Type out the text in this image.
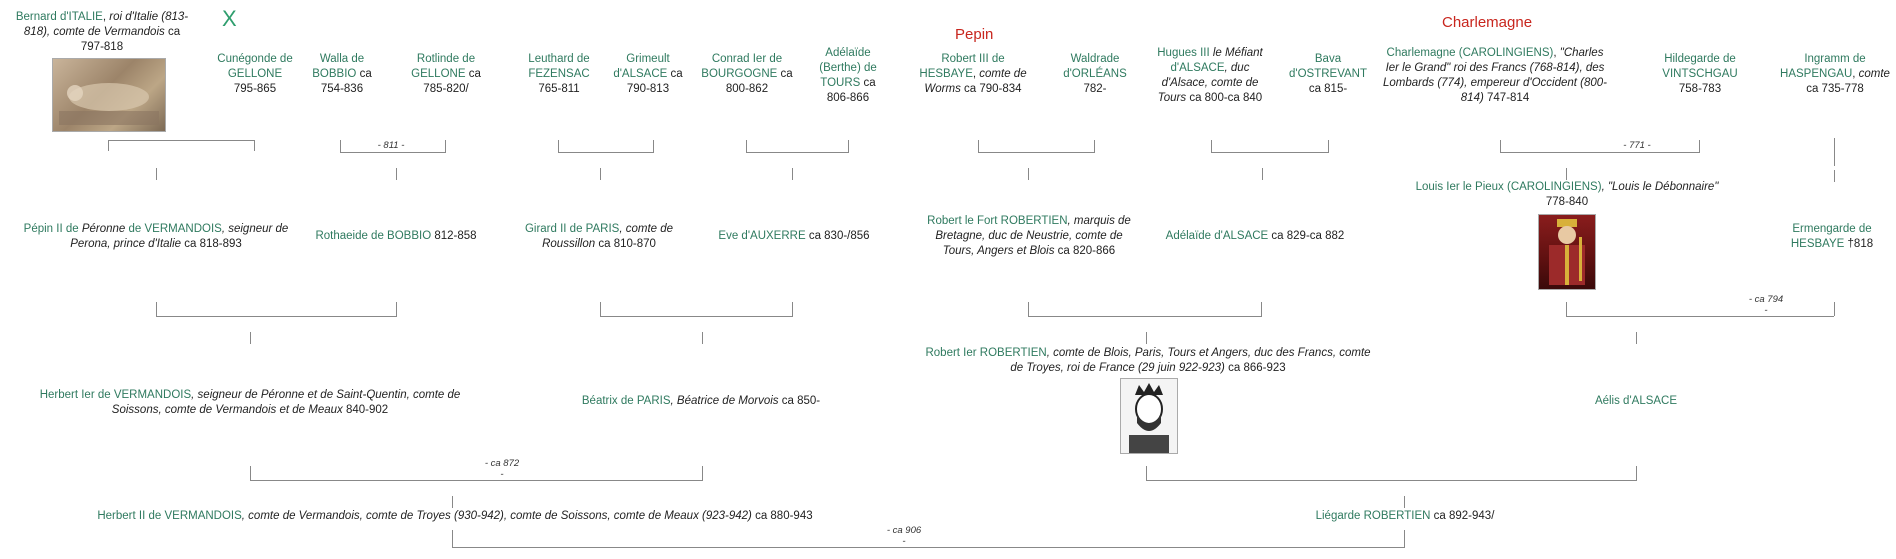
X
Pepin
Charlemagne
Bernard d'ITALIE, roi d'Italie (813-818), comte de Vermandois ca 797-818
Cunégonde de GELLONE
795-865
Walla de BOBBIO ca 754-836
Rotlinde de GELLONE ca 785-820/
Leuthard de FEZENSAC
765-811
Grimeult d'ALSACE ca 790-813
Conrad Ier de BOURGOGNE ca 800-862
Adélaïde (Berthe) de TOURS ca 806-866
Robert III de HESBAYE, comte de Worms ca 790-834
Waldrade d'ORLÉANS
782-
Hugues III le Méfiant d'ALSACE, duc d'Alsace, comte de Tours ca 800-ca 840
Bava d'OSTREVANT
ca 815-
Charlemagne (CAROLINGIENS), "Charles Ier le Grand" roi des Francs (768-814), des Lombards (774), empereur d'Occident (800-814) 747-814
Hildegarde de VINTSCHGAU
758-783
Ingramm de HASPENGAU, comte ca 735-778
- 811 -	- 771 -
Pépin II de Péronne de VERMANDOIS, seigneur de Perona, prince d'Italie ca 818-893
Rothaeide de BOBBIO 812-858
Girard II de PARIS, comte de Roussillon ca 810-870
Eve d'AUXERRE ca 830-/856
Robert le Fort ROBERTIEN, marquis de Bretagne, duc de Neustrie, comte de Tours, Angers et Blois ca 820-866
Adélaïde d'ALSACE ca 829-ca 882
Louis Ier le Pieux (CAROLINGIENS), "Louis le Débonnaire"
778-840
Ermengarde de HESBAYE †818
- ca 794 -
Herbert Ier de VERMANDOIS, seigneur de Péronne et de Saint-Quentin, comte de Soissons, comte de Vermandois et de Meaux 840-902
Béatrix de PARIS, Béatrice de Morvois ca 850-
Robert Ier ROBERTIEN, comte de Blois, Paris, Tours et Angers, duc des Francs, comte de Troyes, roi de France (29 juin 922-923) ca 866-923
Aélis d'ALSACE
- ca 872 -
Herbert II de VERMANDOIS, comte de Vermandois, comte de Troyes (930-942), comte de Soissons, comte de Meaux (923-942) ca 880-943	Liégarde ROBERTIEN ca 892-943/
- ca 906 -
